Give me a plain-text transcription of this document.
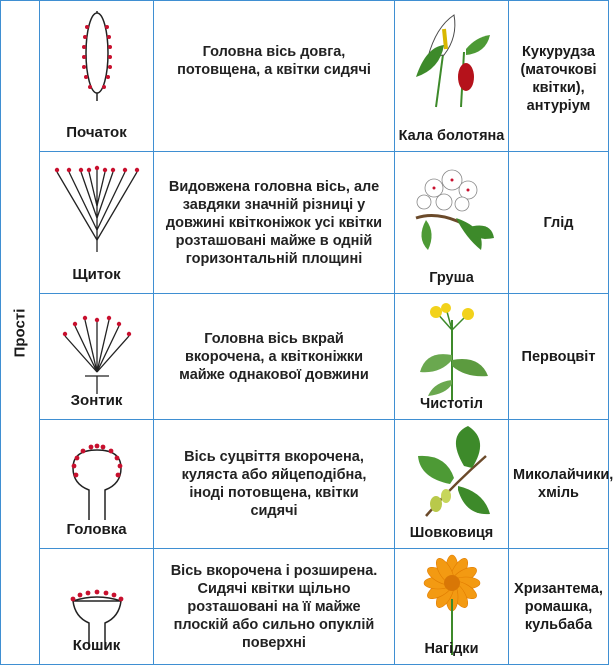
Прості	Початок	Головна вісь довга, потовщена, а квітки сидячі	Кала болотяна	Кукурудза (маточкові квітки), антуріум

	Щиток	Видовжена головна вісь, але завдяки значній різниці у довжині квітконіжок усі квітки розташовані майже в одній горизонтальній площині	Груша	Глід

	Зонтик	Головна вісь вкрай вкорочена, а квітконіжки майже однакової довжини	Чистотіл	Первоцвіт

	Головка	Вісь суцвіття вкорочена, куляста або яйцеподібна, іноді потовщена, квітки сидячі	Шовковиця	Миколайчики, хміль

	Кошик	Вісь вкорочена і розширена. Сидячі квітки щільно розташовані на її майже плоскій або сильно опуклій поверхні	Нагідки	Хризантема, ромашка, кульбаба
